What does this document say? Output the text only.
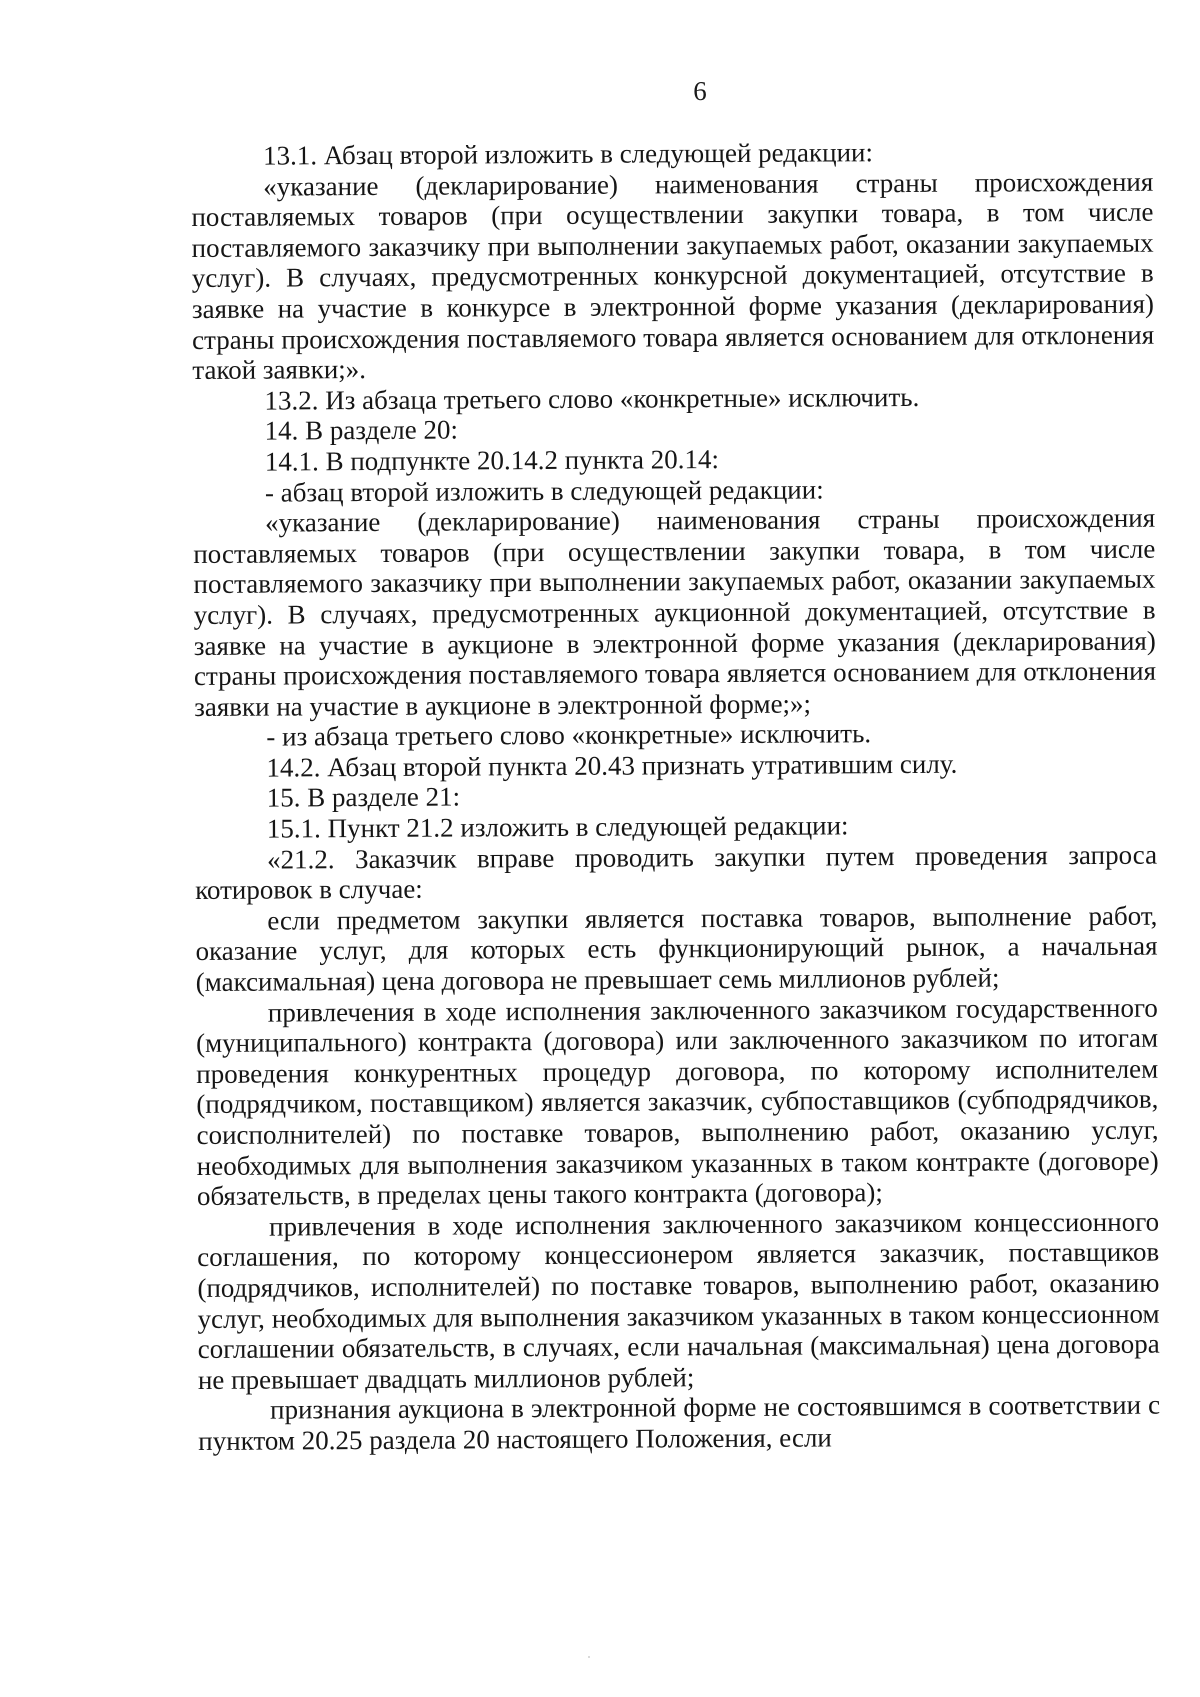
6

13.1. Абзац второй изложить в следующей редакции:

«указание (декларирование) наименования страны происхождения поставляемых товаров (при осуществлении закупки товара, в том числе поставляемого заказчику при выполнении закупаемых работ, оказании закупаемых услуг). В случаях, предусмотренных конкурсной документацией, отсутствие в заявке на участие в конкурсе в электронной форме указания (декларирования) страны происхождения поставляемого товара является основанием для отклонения такой заявки;».

13.2. Из абзаца третьего слово «конкретные» исключить.

14. В разделе 20:

14.1. В подпункте 20.14.2 пункта 20.14:

- абзац второй изложить в следующей редакции:

«указание (декларирование) наименования страны происхождения поставляемых товаров (при осуществлении закупки товара, в том числе поставляемого заказчику при выполнении закупаемых работ, оказании закупаемых услуг). В случаях, предусмотренных аукционной документацией, отсутствие в заявке на участие в аукционе в электронной форме указания (декларирования) страны происхождения поставляемого товара является основанием для отклонения заявки на участие в аукционе в электронной форме;»;

- из абзаца третьего слово «конкретные» исключить.

14.2. Абзац второй пункта 20.43 признать утратившим силу.

15. В разделе 21:

15.1. Пункт 21.2 изложить в следующей редакции:

«21.2. Заказчик вправе проводить закупки путем проведения запроса котировок в случае:

если предметом закупки является поставка товаров, выполнение работ, оказание услуг, для которых есть функционирующий рынок, а начальная (максимальная) цена договора не превышает семь миллионов рублей;

привлечения в ходе исполнения заключенного заказчиком государственного (муниципального) контракта (договора) или заключенного заказчиком по итогам проведения конкурентных процедур договора, по которому исполнителем (подрядчиком, поставщиком) является заказчик, субпоставщиков (субподрядчиков, соисполнителей) по поставке товаров, выполнению работ, оказанию услуг, необходимых для выполнения заказчиком указанных в таком контракте (договоре) обязательств, в пределах цены такого контракта (договора);

привлечения в ходе исполнения заключенного заказчиком концессионного соглашения, по которому концессионером является заказчик, поставщиков (подрядчиков, исполнителей) по поставке товаров, выполнению работ, оказанию услуг, необходимых для выполнения заказчиком указанных в таком концессионном соглашении обязательств, в случаях, если начальная (максимальная) цена договора не превышает двадцать миллионов рублей;

признания аукциона в электронной форме не состоявшимся в соответствии с пунктом 20.25 раздела 20 настоящего Положения, если
